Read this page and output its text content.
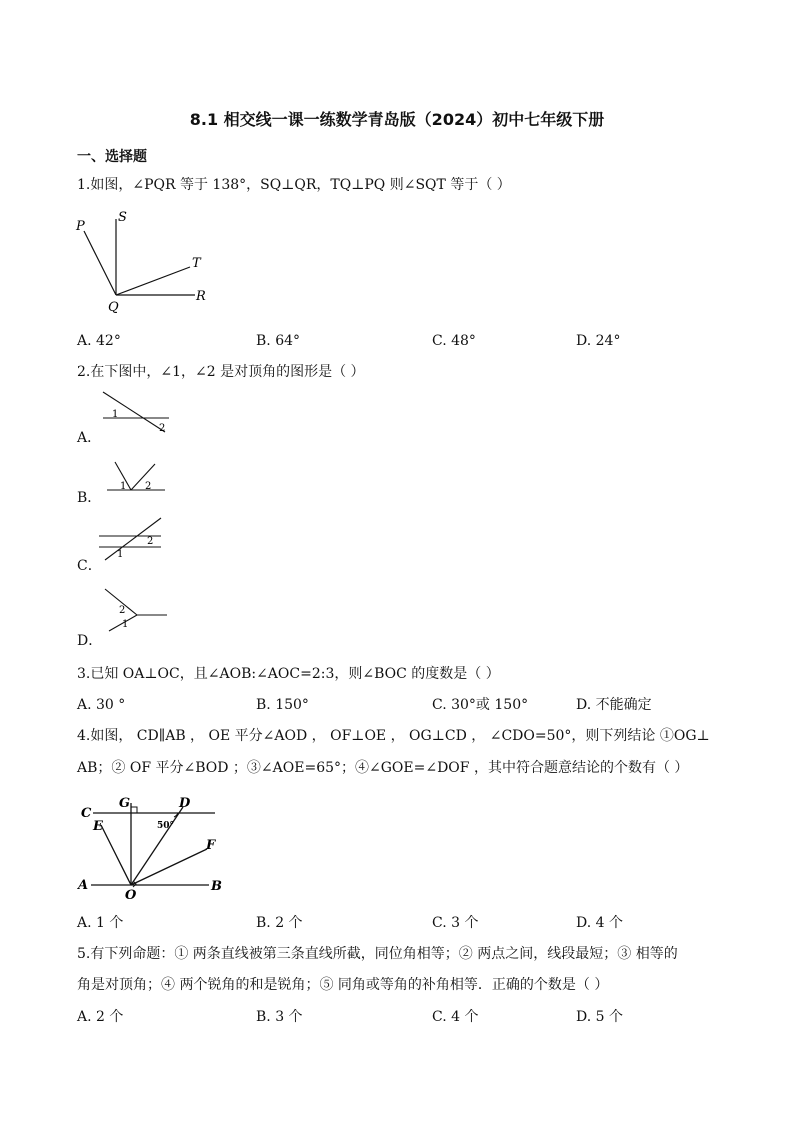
8.1 相交线一课一练数学青岛版（2024）初中七年级下册
一、选择题
1.如图，∠PQR 等于 138°，SQ⊥QR，TQ⊥PQ 则∠SQT 等于（ ）
P
S
T
Q
R
A. 42°	B. 64°	C. 48°	D. 24°
2.在下图中，∠1，∠2 是对顶角的图形是（ ）
1
2
A．
1 2
B．
1
2
C．
2
1
D．
3.已知 OA⊥OC，且∠AOB:∠AOC=2:3，则∠BOC 的度数是（ ）
A. 30 °	B. 150°	C. 30°或 150°	D. 不能确定
4.如图， CD∥AB ， OE 平分∠AOD ， OF⊥OE ， OG⊥CD ， ∠CDO=50°，则下列结论 ①OG⊥
AB；② OF 平分∠BOD ；③∠AOE=65°；④∠GOE=∠DOF ，其中符合题意结论的个数有（ ）
C
G	D
50°
E
F
A
O
B
A. 1 个	B. 2 个	C. 3 个	D. 4 个
5.有下列命题：① 两条直线被第三条直线所截，同位角相等；② 两点之间，线段最短；③ 相等的
角是对顶角；④ 两个锐角的和是锐角；⑤ 同角或等角的补角相等．正确的个数是（ ）
A. 2 个	B. 3 个	C. 4 个	D. 5 个
